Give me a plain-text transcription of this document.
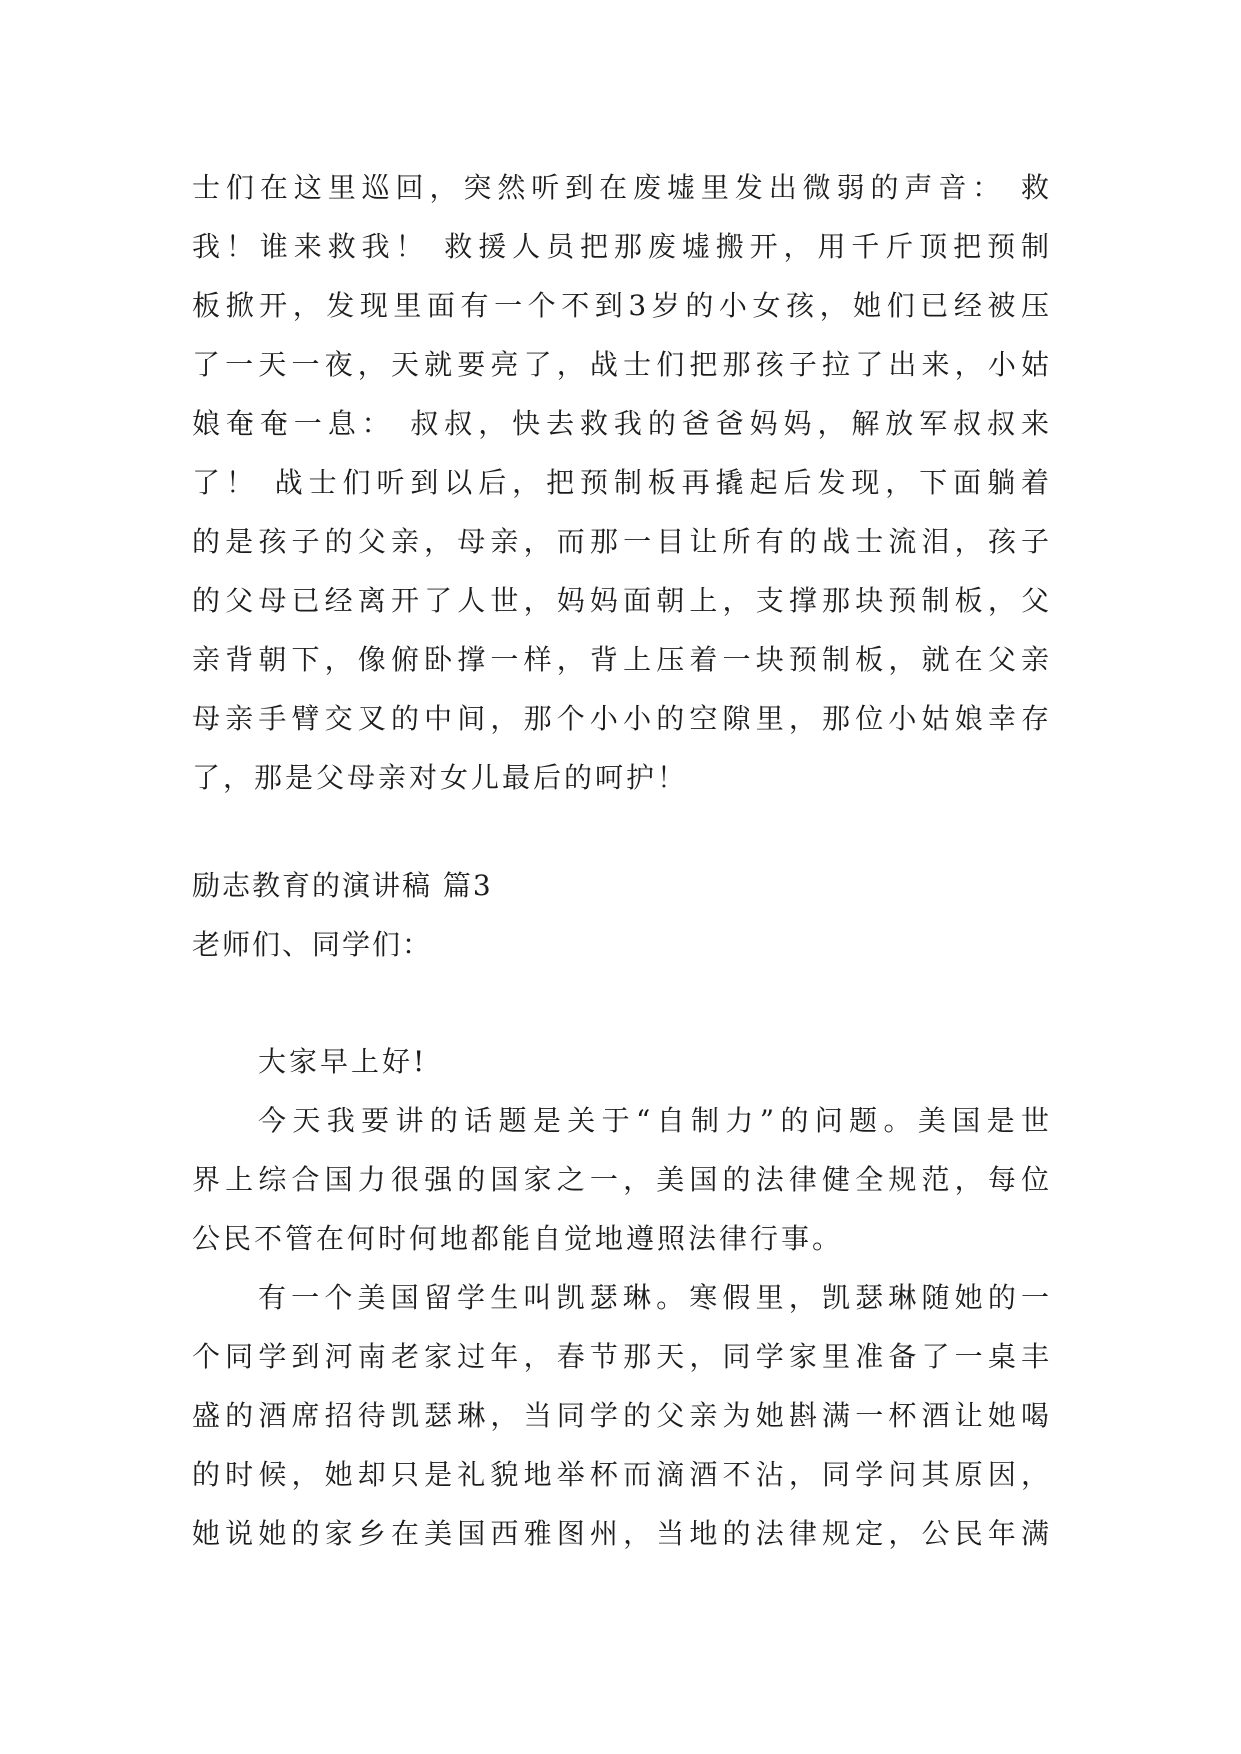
士们在这里巡回，突然听到在废墟里发出微弱的声音： 救
我！谁来救我！ 救援人员把那废墟搬开，用千斤顶把预制
板掀开，发现里面有一个不到3岁的小女孩，她们已经被压
了一天一夜，天就要亮了，战士们把那孩子拉了出来，小姑
娘奄奄一息： 叔叔，快去救我的爸爸妈妈，解放军叔叔来
了！ 战士们听到以后，把预制板再撬起后发现，下面躺着
的是孩子的父亲，母亲，而那一目让所有的战士流泪，孩子
的父母已经离开了人世，妈妈面朝上，支撑那块预制板，父
亲背朝下，像俯卧撑一样，背上压着一块预制板，就在父亲
母亲手臂交叉的中间，那个小小的空隙里，那位小姑娘幸存
了，那是父母亲对女儿最后的呵护！
励志教育的演讲稿 篇3
老师们、同学们：
大家早上好!
今天我要讲的话题是关于“自制力”的问题。美国是世
界上综合国力很强的国家之一，美国的法律健全规范，每位
公民不管在何时何地都能自觉地遵照法律行事。
有一个美国留学生叫凯瑟琳。寒假里，凯瑟琳随她的一
个同学到河南老家过年，春节那天，同学家里准备了一桌丰
盛的酒席招待凯瑟琳，当同学的父亲为她斟满一杯酒让她喝
的时候，她却只是礼貌地举杯而滴酒不沾，同学问其原因，
她说她的家乡在美国西雅图州，当地的法律规定，公民年满
